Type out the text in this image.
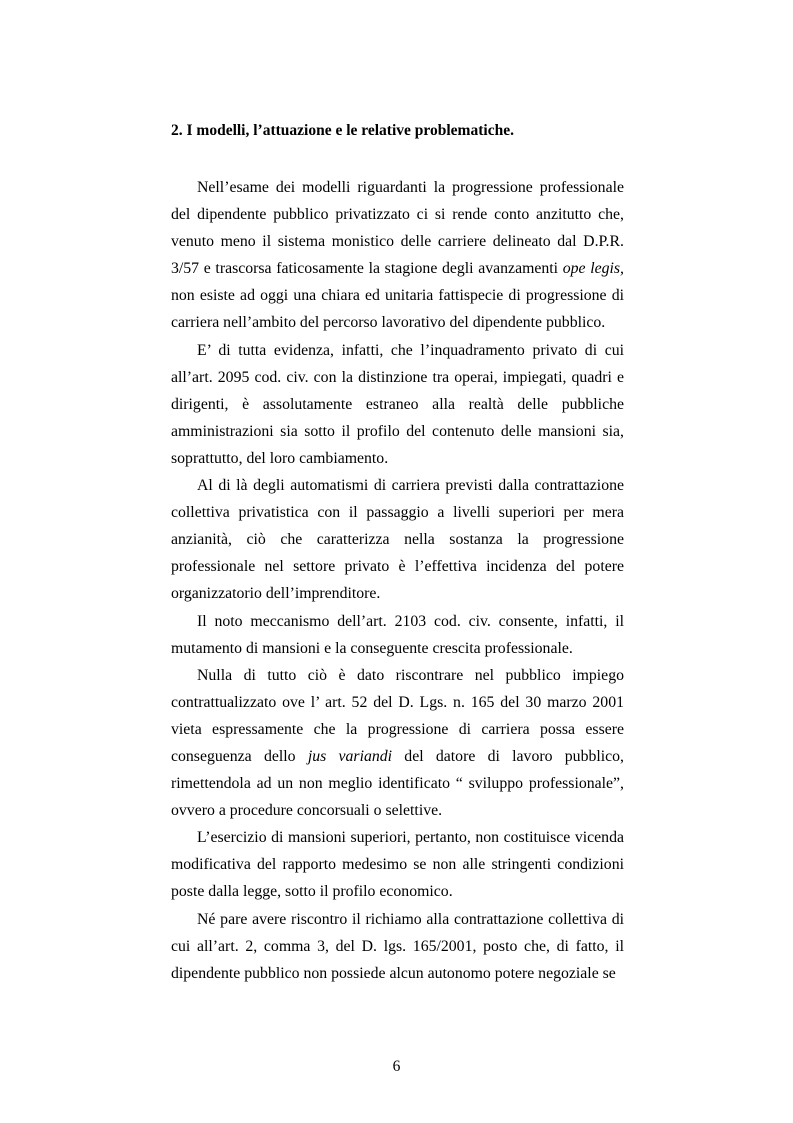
2. I modelli, l’attuazione e le relative problematiche.

Nell’esame dei modelli riguardanti la progressione professionale del dipendente pubblico privatizzato ci si rende conto anzitutto che, venuto meno il sistema monistico delle carriere delineato dal D.P.R. 3/57 e trascorsa faticosamente la stagione degli avanzamenti ope legis, non esiste ad oggi una chiara ed unitaria fattispecie di progressione di carriera nell’ambito del percorso lavorativo del dipendente pubblico.

E’ di tutta evidenza, infatti, che l’inquadramento privato di cui all’art. 2095 cod. civ. con la distinzione tra operai, impiegati, quadri e dirigenti, è assolutamente estraneo alla realtà delle pubbliche amministrazioni sia sotto il profilo del contenuto delle mansioni sia, soprattutto, del loro cambiamento.

Al di là degli automatismi di carriera previsti dalla contrattazione collettiva privatistica con il passaggio a livelli superiori per mera anzianità, ciò che caratterizza nella sostanza la progressione professionale nel settore privato è l’effettiva incidenza del potere organizzatorio dell’imprenditore.

Il noto meccanismo dell’art. 2103 cod. civ. consente, infatti, il mutamento di mansioni e la conseguente crescita professionale.

Nulla di tutto ciò è dato riscontrare nel pubblico impiego contrattualizzato ove l’ art. 52 del D. Lgs. n. 165 del 30 marzo 2001 vieta espressamente che la progressione di carriera possa essere conseguenza dello jus variandi del datore di lavoro pubblico, rimettendola ad un non meglio identificato “ sviluppo professionale”, ovvero a procedure concorsuali o selettive.

L’esercizio di mansioni superiori, pertanto, non costituisce vicenda modificativa del rapporto medesimo se non alle stringenti condizioni poste dalla legge, sotto il profilo economico.

Né pare avere riscontro il richiamo alla contrattazione collettiva di cui all’art. 2, comma 3, del D. lgs. 165/2001, posto che, di fatto, il dipendente pubblico non possiede alcun autonomo potere negoziale se

6
